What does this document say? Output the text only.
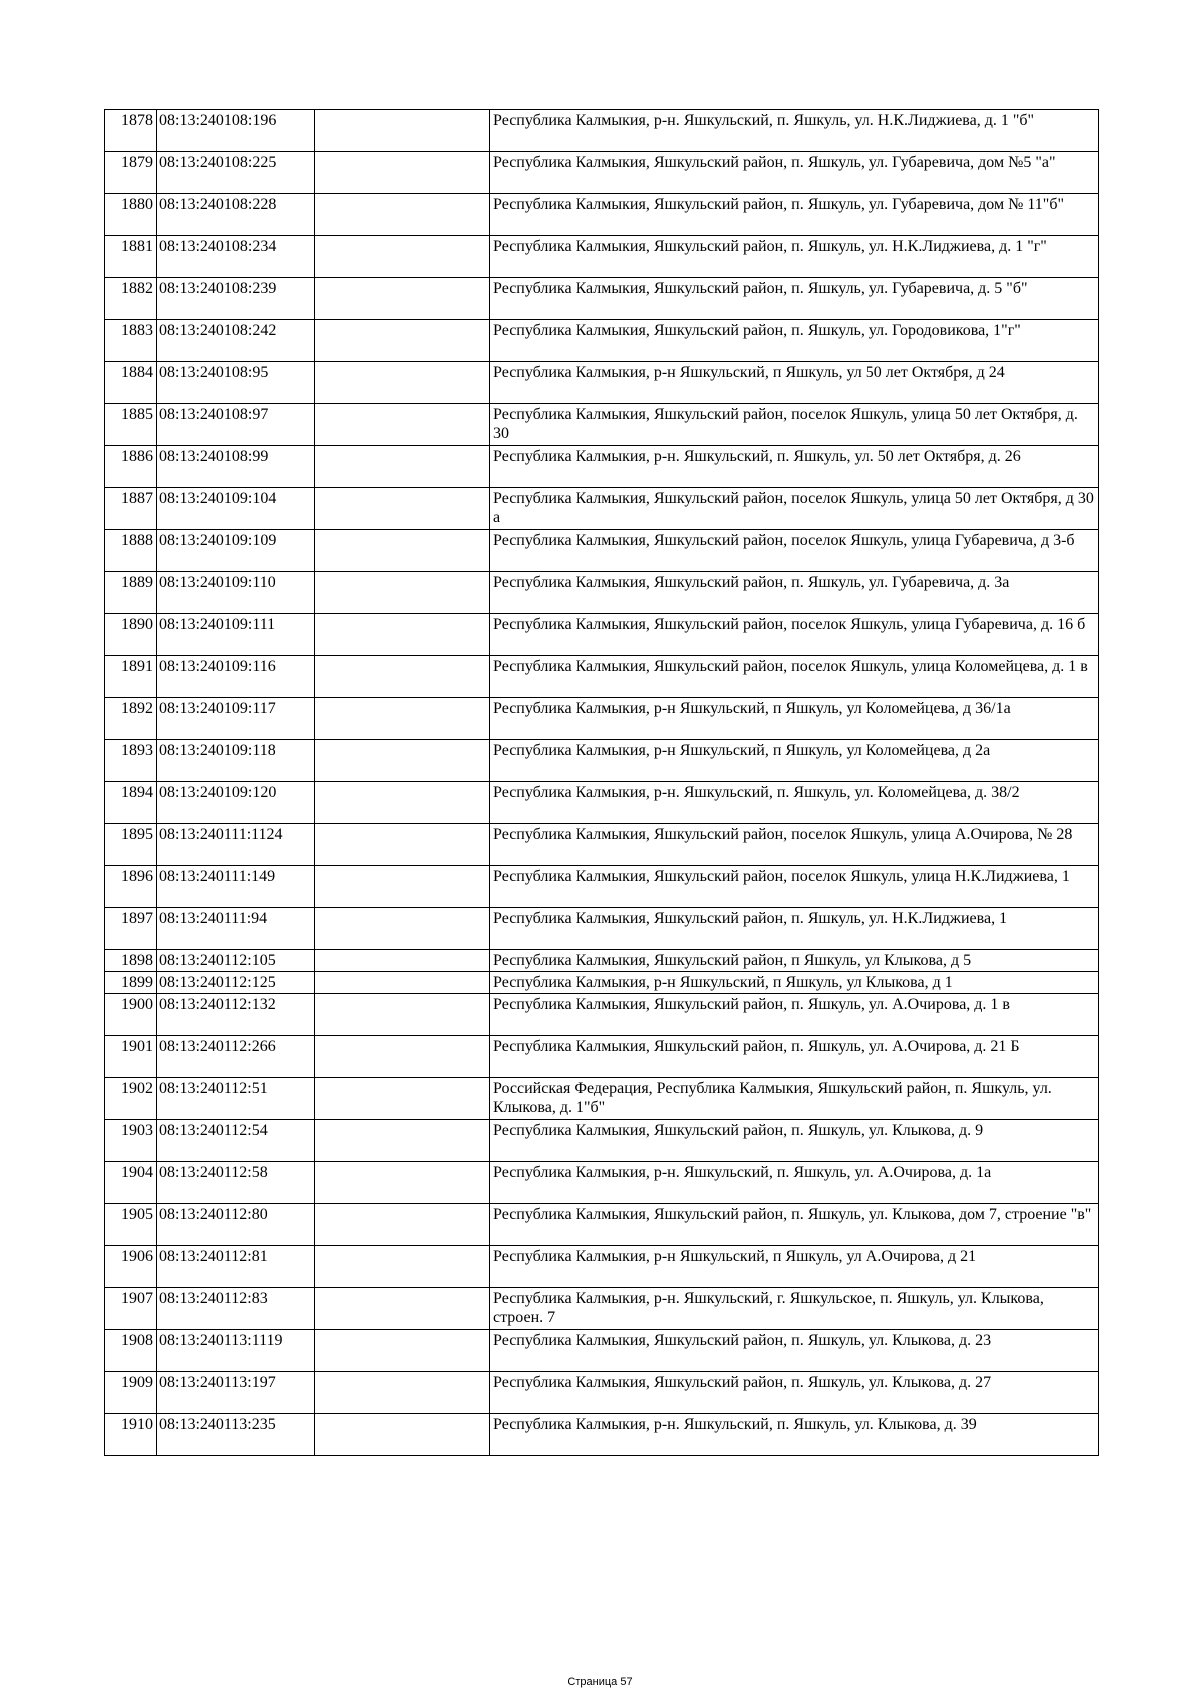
1878	08:13:240108:196		Республика Калмыкия, р-н. Яшкульский, п. Яшкуль, ул. Н.К.Лиджиева, д. 1 "б"
1879	08:13:240108:225		Республика Калмыкия, Яшкульский район, п. Яшкуль, ул. Губаревича, дом №5 "а"
1880	08:13:240108:228		Республика Калмыкия, Яшкульский район, п. Яшкуль, ул. Губаревича, дом № 11"б"
1881	08:13:240108:234		Республика Калмыкия, Яшкульский район, п. Яшкуль, ул. Н.К.Лиджиева, д. 1 "г"
1882	08:13:240108:239		Республика Калмыкия, Яшкульский район, п. Яшкуль, ул. Губаревича, д. 5 "б"
1883	08:13:240108:242		Республика Калмыкия, Яшкульский район, п. Яшкуль, ул. Городовикова, 1"г"
1884	08:13:240108:95		Республика Калмыкия, р-н Яшкульский, п Яшкуль, ул 50 лет Октября, д 24
1885	08:13:240108:97		Республика Калмыкия, Яшкульский район, поселок Яшкуль, улица 50 лет Октября, д. 30
1886	08:13:240108:99		Республика Калмыкия, р-н. Яшкульский, п. Яшкуль, ул. 50 лет Октября, д. 26
1887	08:13:240109:104		Республика Калмыкия, Яшкульский район, поселок Яшкуль, улица 50 лет Октября, д 30 а
1888	08:13:240109:109		Республика Калмыкия, Яшкульский район, поселок Яшкуль, улица Губаревича, д 3-б
1889	08:13:240109:110		Республика Калмыкия, Яшкульский район, п. Яшкуль, ул. Губаревича, д. 3а
1890	08:13:240109:111		Республика Калмыкия, Яшкульский район, поселок Яшкуль, улица Губаревича, д. 16 б
1891	08:13:240109:116		Республика Калмыкия, Яшкульский район, поселок Яшкуль, улица Коломейцева, д. 1 в
1892	08:13:240109:117		Республика Калмыкия, р-н Яшкульский, п Яшкуль, ул Коломейцева, д 36/1а
1893	08:13:240109:118		Республика Калмыкия, р-н Яшкульский, п Яшкуль, ул Коломейцева, д 2а
1894	08:13:240109:120		Республика Калмыкия, р-н. Яшкульский, п. Яшкуль, ул. Коломейцева, д. 38/2
1895	08:13:240111:1124		Республика Калмыкия, Яшкульский район, поселок Яшкуль, улица А.Очирова, № 28
1896	08:13:240111:149		Республика Калмыкия, Яшкульский район, поселок Яшкуль, улица Н.К.Лиджиева, 1
1897	08:13:240111:94		Республика Калмыкия, Яшкульский район, п. Яшкуль, ул. Н.К.Лиджиева, 1
1898	08:13:240112:105		Республика Калмыкия, Яшкульский район, п Яшкуль, ул Клыкова, д 5
1899	08:13:240112:125		Республика Калмыкия, р-н Яшкульский, п Яшкуль, ул Клыкова, д 1
1900	08:13:240112:132		Республика Калмыкия, Яшкульский район, п. Яшкуль, ул. А.Очирова, д. 1 в
1901	08:13:240112:266		Республика Калмыкия, Яшкульский район, п. Яшкуль, ул. А.Очирова, д. 21 Б
1902	08:13:240112:51		Российская Федерация, Республика Калмыкия, Яшкульский район, п. Яшкуль, ул. Клыкова, д. 1"б"
1903	08:13:240112:54		Республика Калмыкия, Яшкульский район, п. Яшкуль, ул. Клыкова, д. 9
1904	08:13:240112:58		Республика Калмыкия, р-н. Яшкульский, п. Яшкуль, ул. А.Очирова, д. 1а
1905	08:13:240112:80		Республика Калмыкия, Яшкульский район, п. Яшкуль, ул. Клыкова, дом 7, строение "в"
1906	08:13:240112:81		Республика Калмыкия, р-н Яшкульский, п Яшкуль, ул А.Очирова, д 21
1907	08:13:240112:83		Республика Калмыкия, р-н. Яшкульский, г. Яшкульское, п. Яшкуль, ул. Клыкова, строен. 7
1908	08:13:240113:1119		Республика Калмыкия, Яшкульский район, п. Яшкуль, ул. Клыкова, д. 23
1909	08:13:240113:197		Республика Калмыкия, Яшкульский район, п. Яшкуль, ул. Клыкова, д. 27
1910	08:13:240113:235		Республика Калмыкия, р-н. Яшкульский, п. Яшкуль, ул. Клыкова, д. 39
Страница 57
